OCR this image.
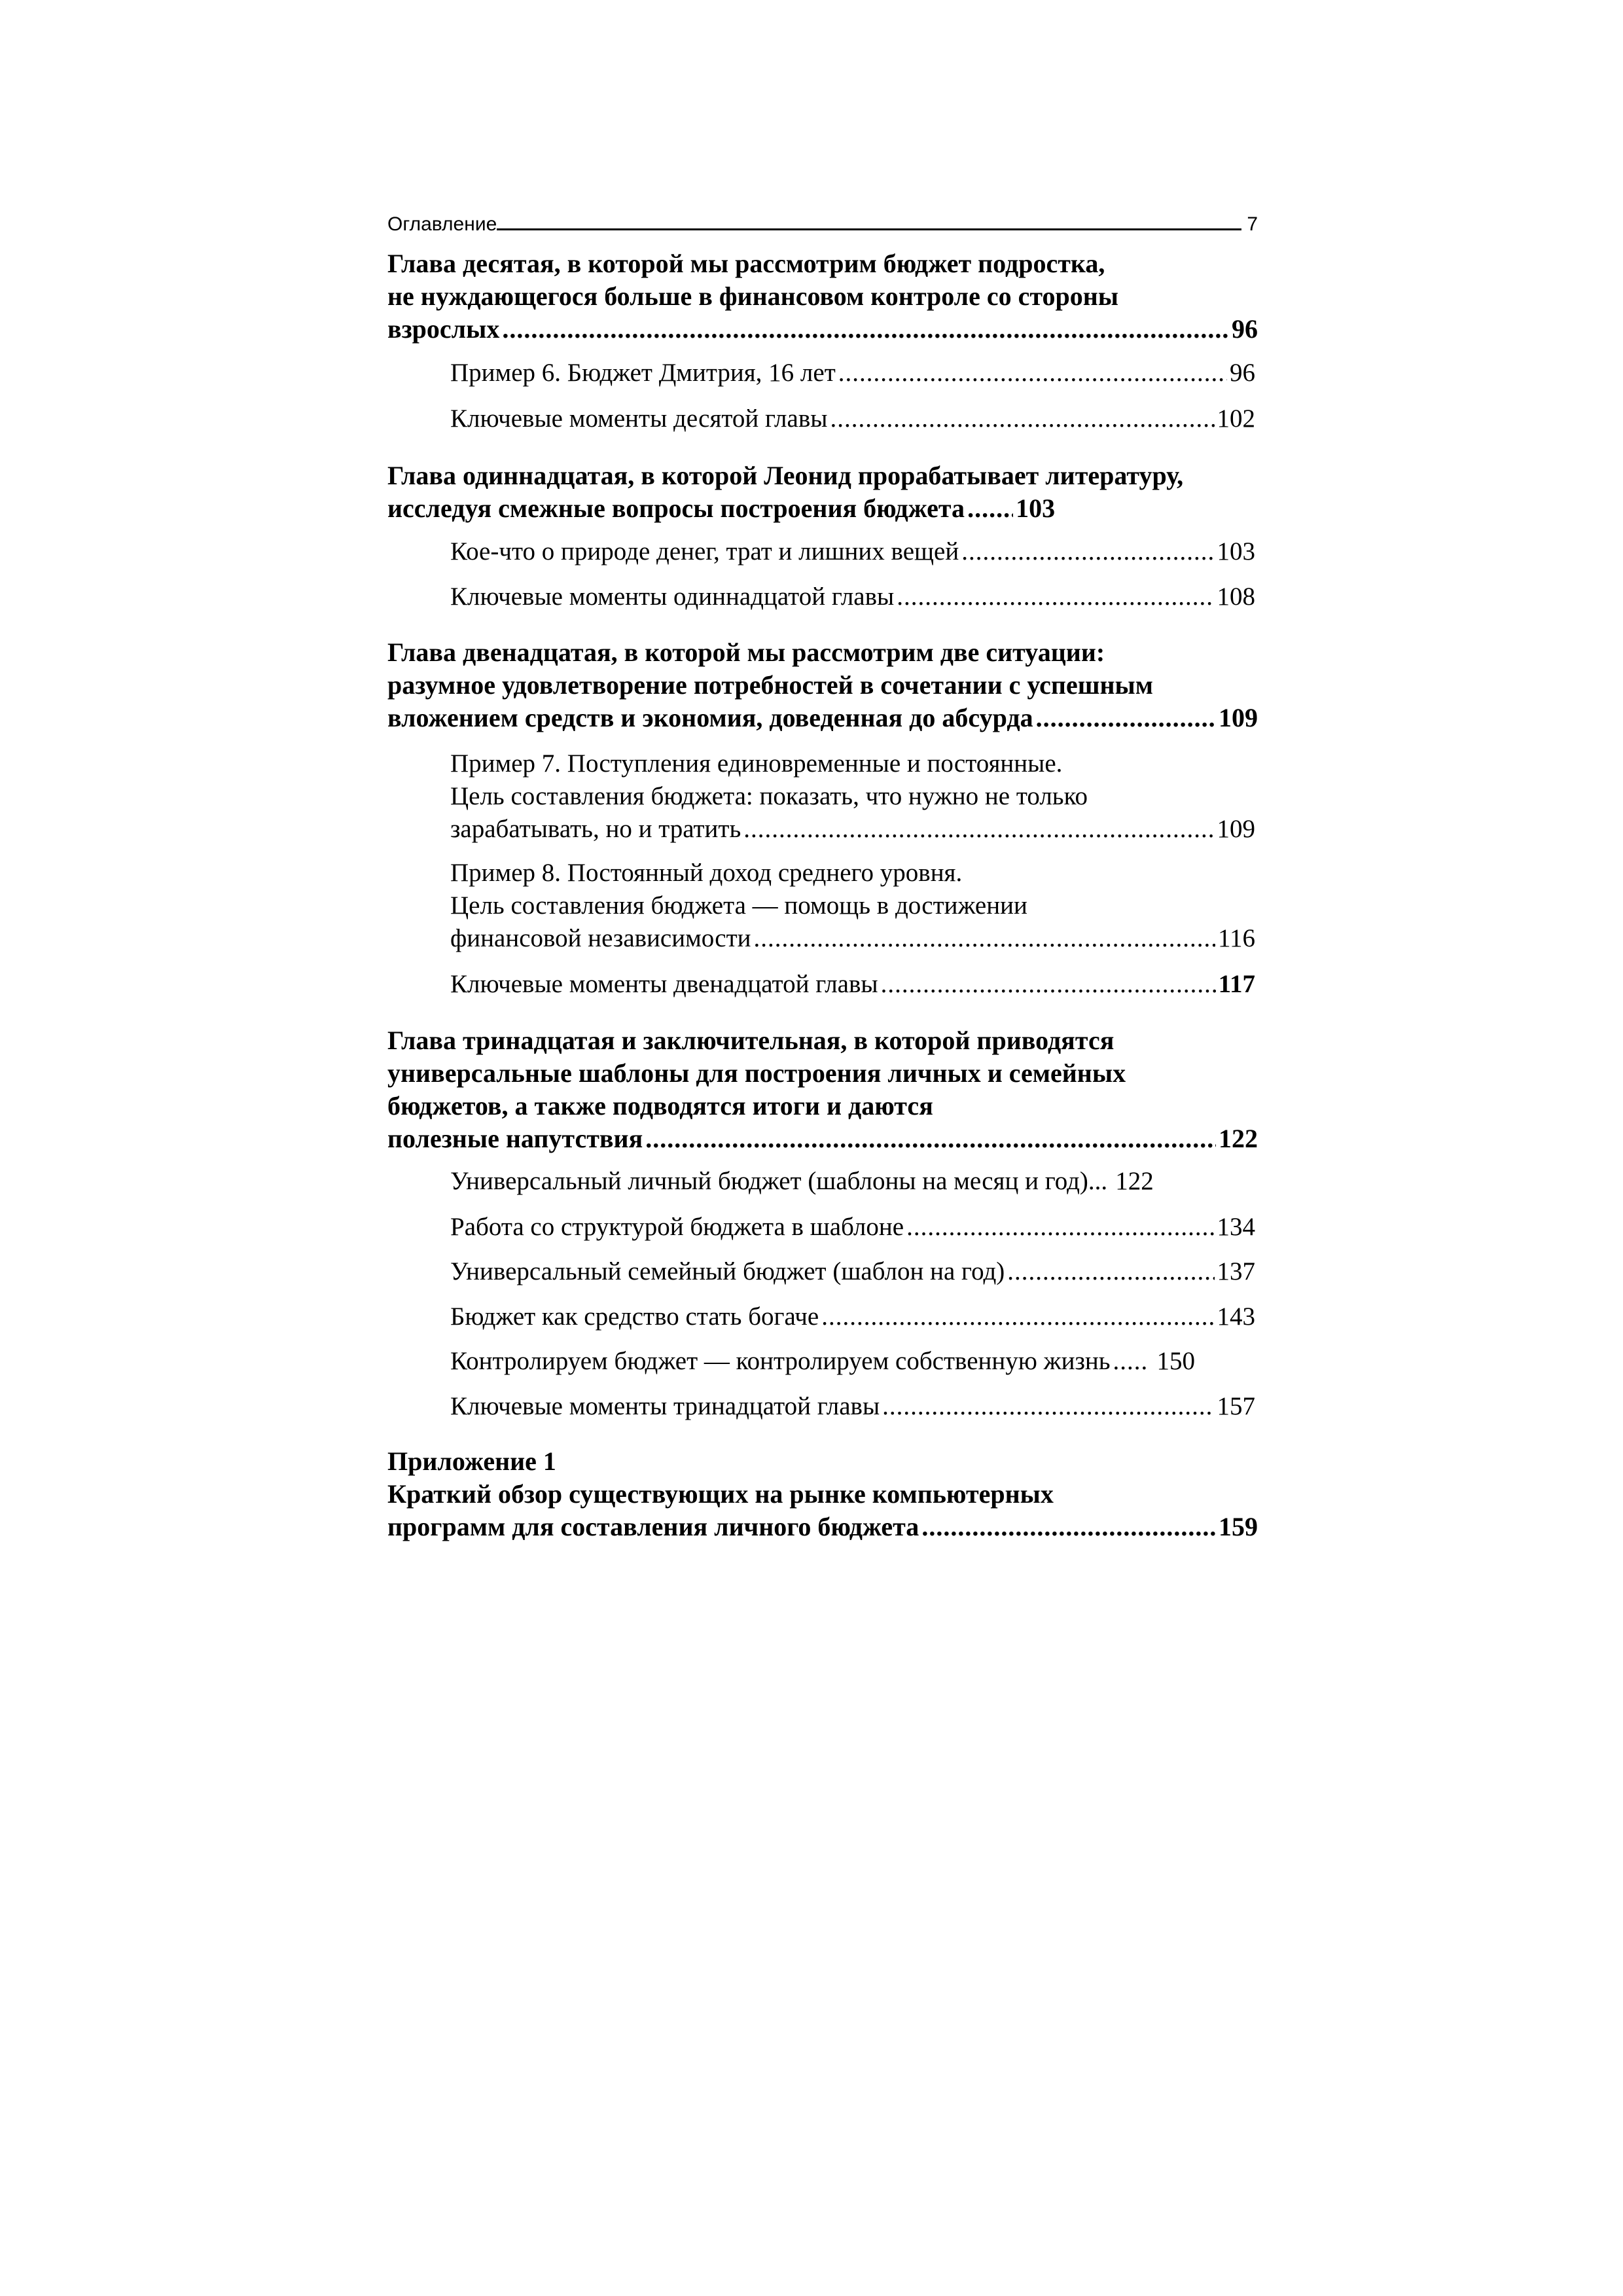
Оглавление	7
Глава десятая, в которой мы рассмотрим бюджет подростка,
не нуждающегося больше в финансовом контроле со стороны
взрослых .....	96
Пример 6. Бюджет Дмитрия, 16 лет .....	96
Ключевые моменты десятой главы .....	102
Глава одиннадцатая, в которой Леонид прорабатывает литературу,
исследуя смежные вопросы построения бюджета ..... 103
Кое-что о природе денег, трат и лишних вещей .....	103
Ключевые моменты одиннадцатой главы .....	108
Глава двенадцатая, в которой мы рассмотрим две ситуации:
разумное удовлетворение потребностей в сочетании с успешным
вложением средств и экономия, доведенная до абсурда .....	109
Пример 7. Поступления единовременные и постоянные.
Цель составления бюджета: показать, что нужно не только
зарабатывать, но и тратить .....	109
Пример 8. Постоянный доход среднего уровня.
Цель составления бюджета — помощь в достижении
финансовой независимости .....	116
Ключевые моменты двенадцатой главы .....	117
Глава тринадцатая и заключительная, в которой приводятся
универсальные шаблоны для построения личных и семейных
бюджетов, а также подводятся итоги и даются
полезные напутствия .....	122
Универсальный личный бюджет (шаблоны на месяц и год)... 122
Работа со структурой бюджета в шаблоне .....	134
Универсальный семейный бюджет (шаблон на год) .....	137
Бюджет как средство стать богаче .....	143
Контролируем бюджет — контролируем собственную жизнь ..... 150
Ключевые моменты тринадцатой главы .....	157
Приложение 1
Краткий обзор существующих на рынке компьютерных
программ для составления личного бюджета .....	159
